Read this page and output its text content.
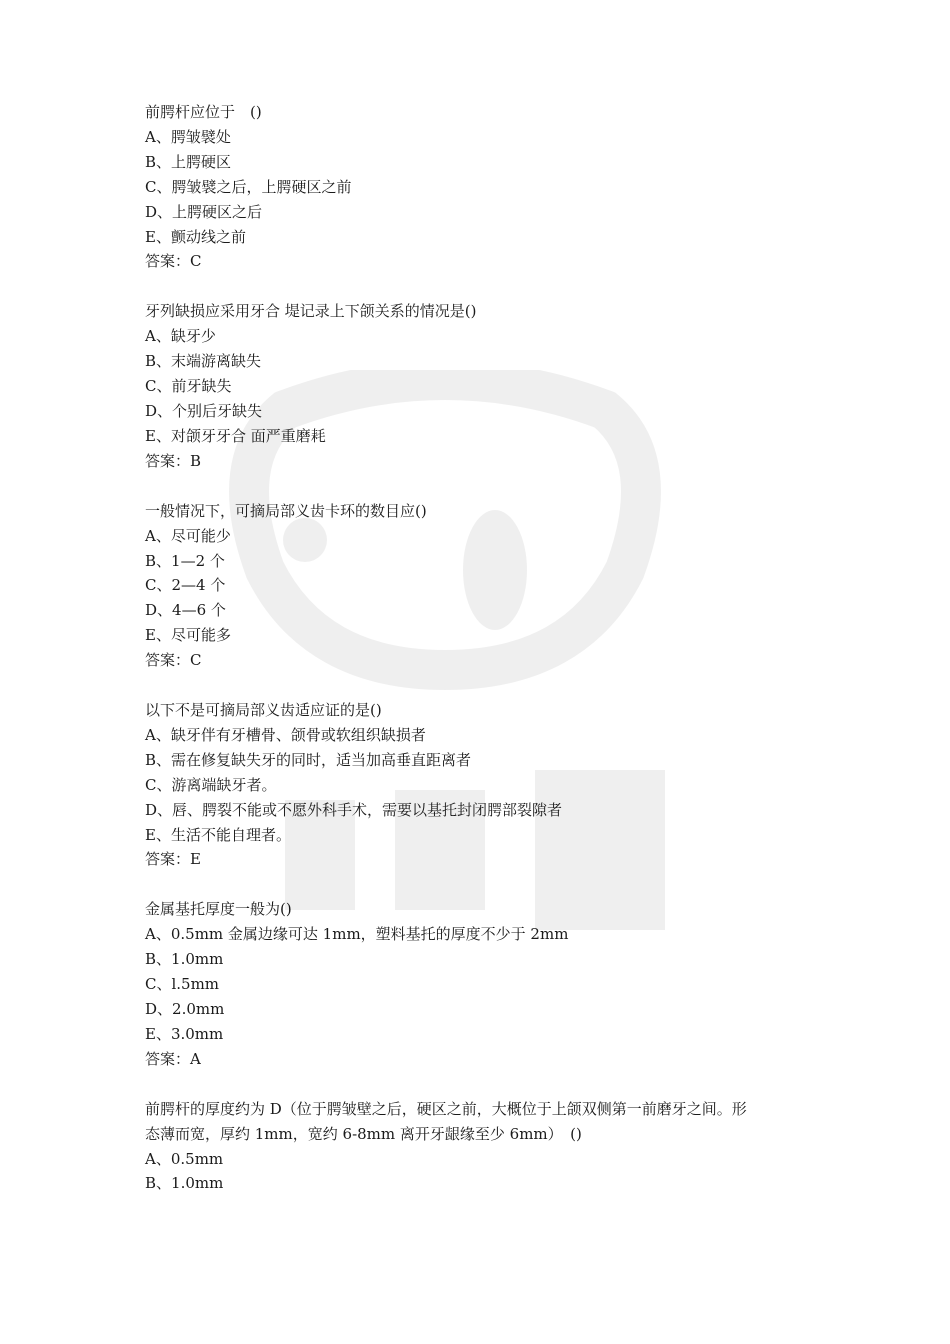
前腭杆应位于　()
A、腭皱襞处
B、上腭硬区
C、腭皱襞之后，上腭硬区之前
D、上腭硬区之后
E、颤动线之前
答案：C
牙列缺损应采用牙合 堤记录上下颌关系的情况是()
A、缺牙少
B、末端游离缺失
C、前牙缺失
D、个别后牙缺失
E、对颌牙牙合 面严重磨耗
答案：B
一般情况下，可摘局部义齿卡环的数目应()
A、尽可能少
B、1—2 个
C、2—4 个
D、4—6 个
E、尽可能多
答案：C
以下不是可摘局部义齿适应证的是()
A、缺牙伴有牙槽骨、颌骨或软组织缺损者
B、需在修复缺失牙的同时，适当加高垂直距离者
C、游离端缺牙者。
D、唇、腭裂不能或不愿外科手术，需要以基托封闭腭部裂隙者
E、生活不能自理者。
答案：E
金属基托厚度一般为()
A、0.5mm 金属边缘可达 1mm，塑料基托的厚度不少于 2mm
B、1.0mm
C、l.5mm
D、2.0mm
E、3.0mm
答案：A
前腭杆的厚度约为 D（位于腭皱壁之后，硬区之前，大概位于上颌双侧第一前磨牙之间。形
态薄而宽，厚约 1mm，宽约 6-8mm 离开牙龈缘至少 6mm）　()
A、0.5mm
B、1.0mm
